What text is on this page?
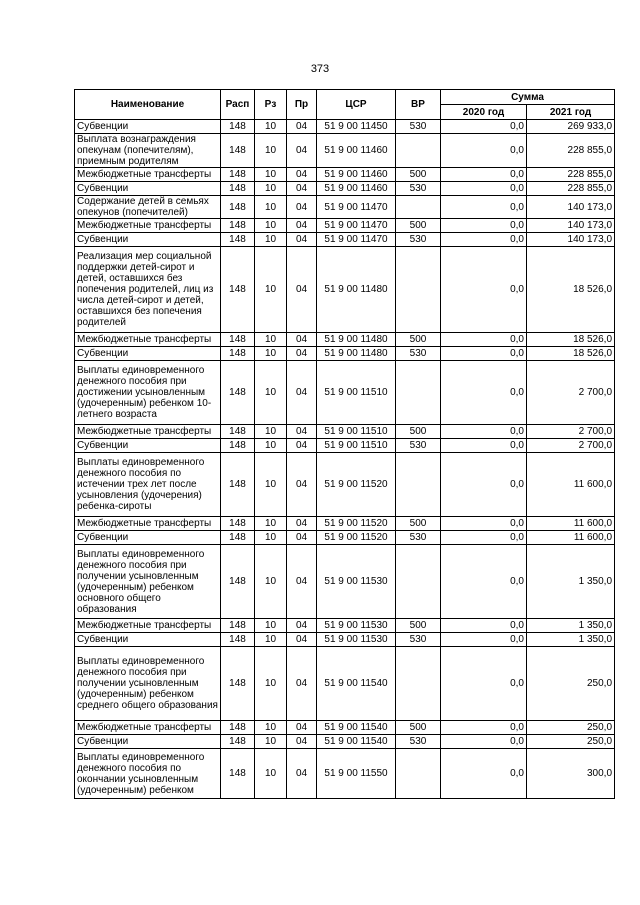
373
Наименование	Расп	Рз	Пр	ЦСР	ВР	Сумма	
						2020 год	2021 год
Субвенции	148	10	04	51 9 00 11450	530	0,0	269 933,0
Выплата вознаграждения опекунам (попечителям), приемным родителям	148	10	04	51 9 00 11460		0,0	228 855,0
Межбюджетные трансферты	148	10	04	51 9 00 11460	500	0,0	228 855,0
Субвенции	148	10	04	51 9 00 11460	530	0,0	228 855,0
Содержание детей в семьях опекунов (попечителей)	148	10	04	51 9 00 11470		0,0	140 173,0
Межбюджетные трансферты	148	10	04	51 9 00 11470	500	0,0	140 173,0
Субвенции	148	10	04	51 9 00 11470	530	0,0	140 173,0
Реализация мер социальной поддержки детей-сирот и детей, оставшихся без попечения родителей, лиц из числа детей-сирот и детей, оставшихся без попечения родителей	148	10	04	51 9 00 11480		0,0	18 526,0
Межбюджетные трансферты	148	10	04	51 9 00 11480	500	0,0	18 526,0
Субвенции	148	10	04	51 9 00 11480	530	0,0	18 526,0
Выплаты единовременного денежного пособия при достижении усыновленным (удочеренным) ребенком 10-летнего возраста	148	10	04	51 9 00 11510		0,0	2 700,0
Межбюджетные трансферты	148	10	04	51 9 00 11510	500	0,0	2 700,0
Субвенции	148	10	04	51 9 00 11510	530	0,0	2 700,0
Выплаты единовременного денежного пособия по истечении трех лет после усыновления (удочерения) ребенка-сироты	148	10	04	51 9 00 11520		0,0	11 600,0
Межбюджетные трансферты	148	10	04	51 9 00 11520	500	0,0	11 600,0
Субвенции	148	10	04	51 9 00 11520	530	0,0	11 600,0
Выплаты единовременного денежного пособия при получении усыновленным (удочеренным) ребенком основного общего образования	148	10	04	51 9 00 11530		0,0	1 350,0
Межбюджетные трансферты	148	10	04	51 9 00 11530	500	0,0	1 350,0
Субвенции	148	10	04	51 9 00 11530	530	0,0	1 350,0
Выплаты единовременного денежного пособия при получении усыновленным (удочеренным) ребенком среднего общего образования	148	10	04	51 9 00 11540		0,0	250,0
Межбюджетные трансферты	148	10	04	51 9 00 11540	500	0,0	250,0
Субвенции	148	10	04	51 9 00 11540	530	0,0	250,0
Выплаты единовременного денежного пособия по окончании усыновленным (удочеренным) ребенком	148	10	04	51 9 00 11550		0,0	300,0
